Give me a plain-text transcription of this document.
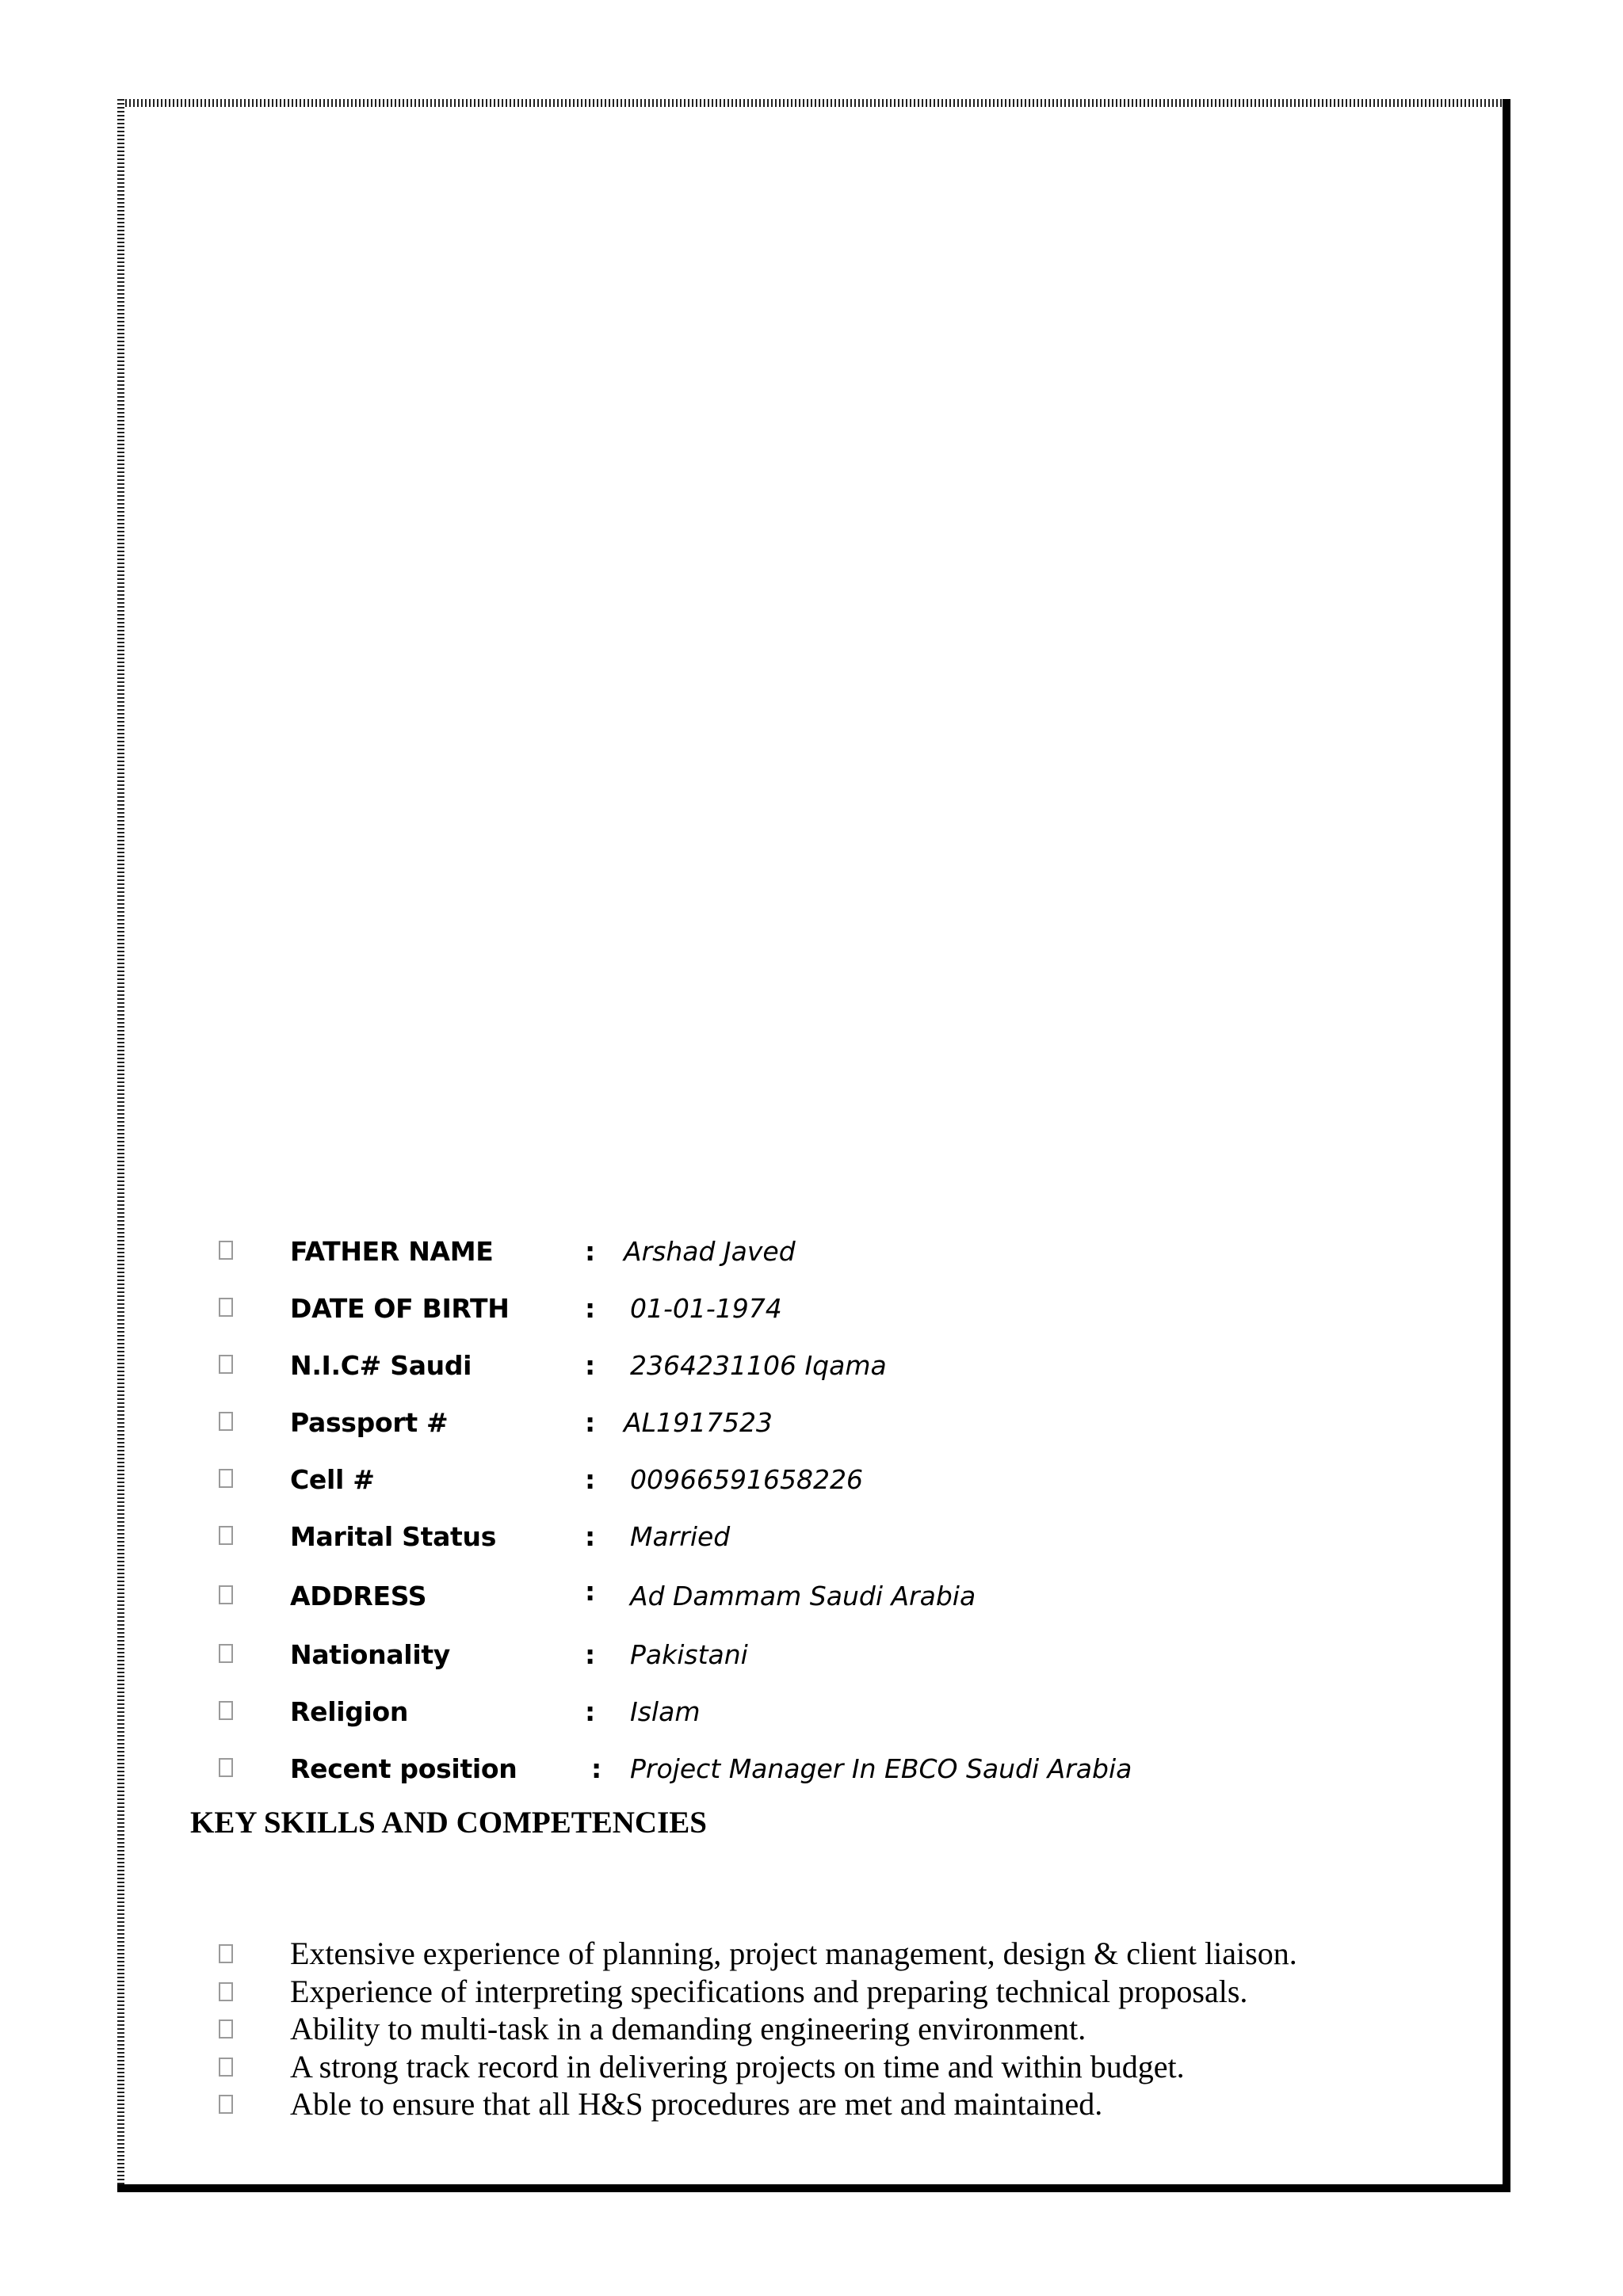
FATHER NAME	: Arshad Javed
DATE OF BIRTH	: 01-01-1974
N.I.C# Saudi	: 2364231106 Iqama
Passport #	: AL1917523
Cell #	: 00966591658226
Marital Status	: Married
ADDRESS	: Ad Dammam Saudi Arabia
Nationality	: Pakistani
Religion	: Islam
Recent position	: Project Manager In EBCO Saudi Arabia
KEY SKILLS AND COMPETENCIES
Extensive experience of planning, project management, design & client liaison.
Experience of interpreting specifications and preparing technical proposals.
Ability to multi-task in a demanding engineering environment.
A strong track record in delivering projects on time and within budget.
Able to ensure that all H&S procedures are met and maintained.
